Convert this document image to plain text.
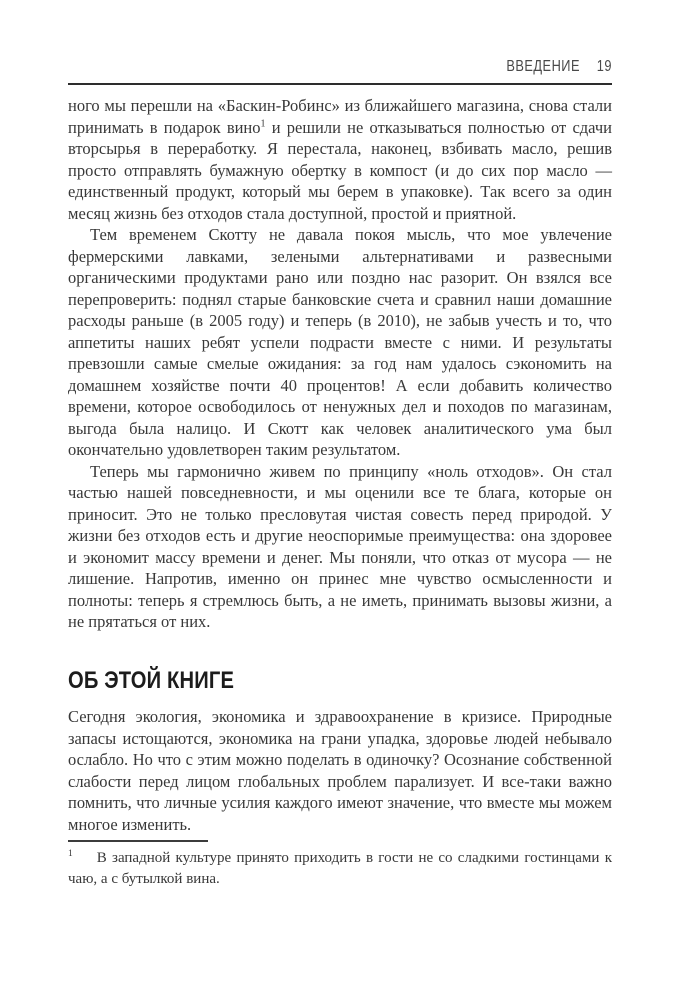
ВВЕДЕНИЕ 19

ного мы перешли на «Баскин-Робинс» из ближайшего магазина, снова стали принимать в подарок вино$^1$ и решили не отказываться полностью от сдачи вторсырья в переработку. Я перестала, наконец, взбивать масло, решив просто отправлять бумажную обертку в компост (и до сих пор масло — единственный продукт, который мы берем в упаковке). Так всего за один месяц жизнь без отходов стала доступной, простой и приятной.

Тем временем Скотту не давала покоя мысль, что мое увлечение фермерскими лавками, зелеными альтернативами и развесными органическими продуктами рано или поздно нас разорит. Он взялся все перепроверить: поднял старые банковские счета и сравнил наши домашние расходы раньше (в 2005 году) и теперь (в 2010), не забыв учесть и то, что аппетиты наших ребят успели подрасти вместе с ними. И результаты превзошли самые смелые ожидания: за год нам удалось сэкономить на домашнем хозяйстве почти 40 процентов! А если добавить количество времени, которое освободилось от ненужных дел и походов по магазинам, выгода была налицо. И Скотт как человек аналитического ума был окончательно удовлетворен таким результатом.

Теперь мы гармонично живем по принципу «ноль отходов». Он стал частью нашей повседневности, и мы оценили все те блага, которые он приносит. Это не только пресловутая чистая совесть перед природой. У жизни без отходов есть и другие неоспоримые преимущества: она здоровее и экономит массу времени и денег. Мы поняли, что отказ от мусора — не лишение. Напротив, именно он принес мне чувство осмысленности и полноты: теперь я стремлюсь быть, а не иметь, принимать вызовы жизни, а не прятаться от них.

ОБ ЭТОЙ КНИГЕ

Сегодня экология, экономика и здравоохранение в кризисе. Природные запасы истощаются, экономика на грани упадка, здоровье людей небывало ослабло. Но что с этим можно поделать в одиночку? Осознание собственной слабости перед лицом глобальных проблем парализует. И все-таки важно помнить, что личные усилия каждого имеют значение, что вместе мы можем многое изменить.

$^1$ В западной культуре принято приходить в гости не со сладкими гостинцами к чаю, а с бутылкой вина.
